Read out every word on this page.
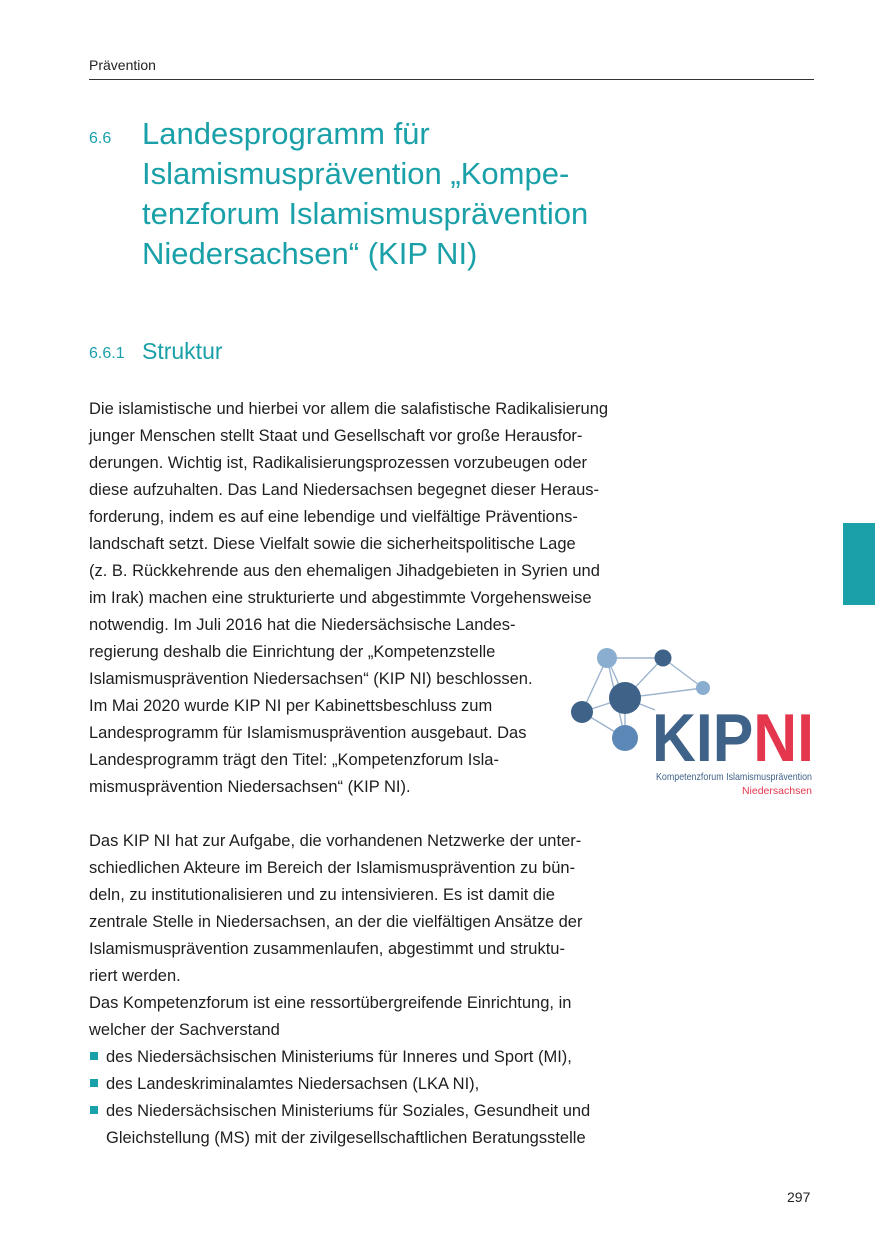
Prävention
6.6 Landesprogramm für
Islamismusprävention „Kompe-
tenzforum Islamismusprävention
Niedersachsen“ (KIP NI)
6.6.1 Struktur
Die islamistische und hierbei vor allem die salafistische Radikalisierung
junger Menschen stellt Staat und Gesellschaft vor große Herausfor-
derungen. Wichtig ist, Radikalisierungsprozessen vorzubeugen oder
diese aufzuhalten. Das Land Niedersachsen begegnet dieser Heraus-
forderung, indem es auf eine lebendige und vielfältige Präventions-
landschaft setzt. Diese Vielfalt sowie die sicherheitspolitische Lage
(z. B. Rückkehrende aus den ehemaligen Jihadgebieten in Syrien und
im Irak) machen eine strukturierte und abgestimmte Vorgehensweise
notwendig. Im Juli 2016 hat die Niedersächsische Landes-
regierung deshalb die Einrichtung der „Kompetenzstelle
Islamismusprävention Niedersachsen“ (KIP NI) beschlossen.
Im Mai 2020 wurde KIP NI per Kabinettsbeschluss zum
Landesprogramm für Islamismusprävention ausgebaut. Das
Landesprogramm trägt den Titel: „Kompetenzforum Isla-
mismusprävention Niedersachsen“ (KIP NI).
KIPNI
Kompetenzforum Islamismusprävention
Niedersachsen
Das KIP NI hat zur Aufgabe, die vorhandenen Netzwerke der unter-
schiedlichen Akteure im Bereich der Islamismusprävention zu bün-
deln, zu institutionalisieren und zu intensivieren. Es ist damit die
zentrale Stelle in Niedersachsen, an der die vielfältigen Ansätze der
Islamismusprävention zusammenlaufen, abgestimmt und struktu-
riert werden.
Das Kompetenzforum ist eine ressortübergreifende Einrichtung, in
welcher der Sachverstand
des Niedersächsischen Ministeriums für Inneres und Sport (MI),
des Landeskriminalamtes Niedersachsen (LKA NI),
des Niedersächsischen Ministeriums für Soziales, Gesundheit und
Gleichstellung (MS) mit der zivilgesellschaftlichen Beratungsstelle
297
